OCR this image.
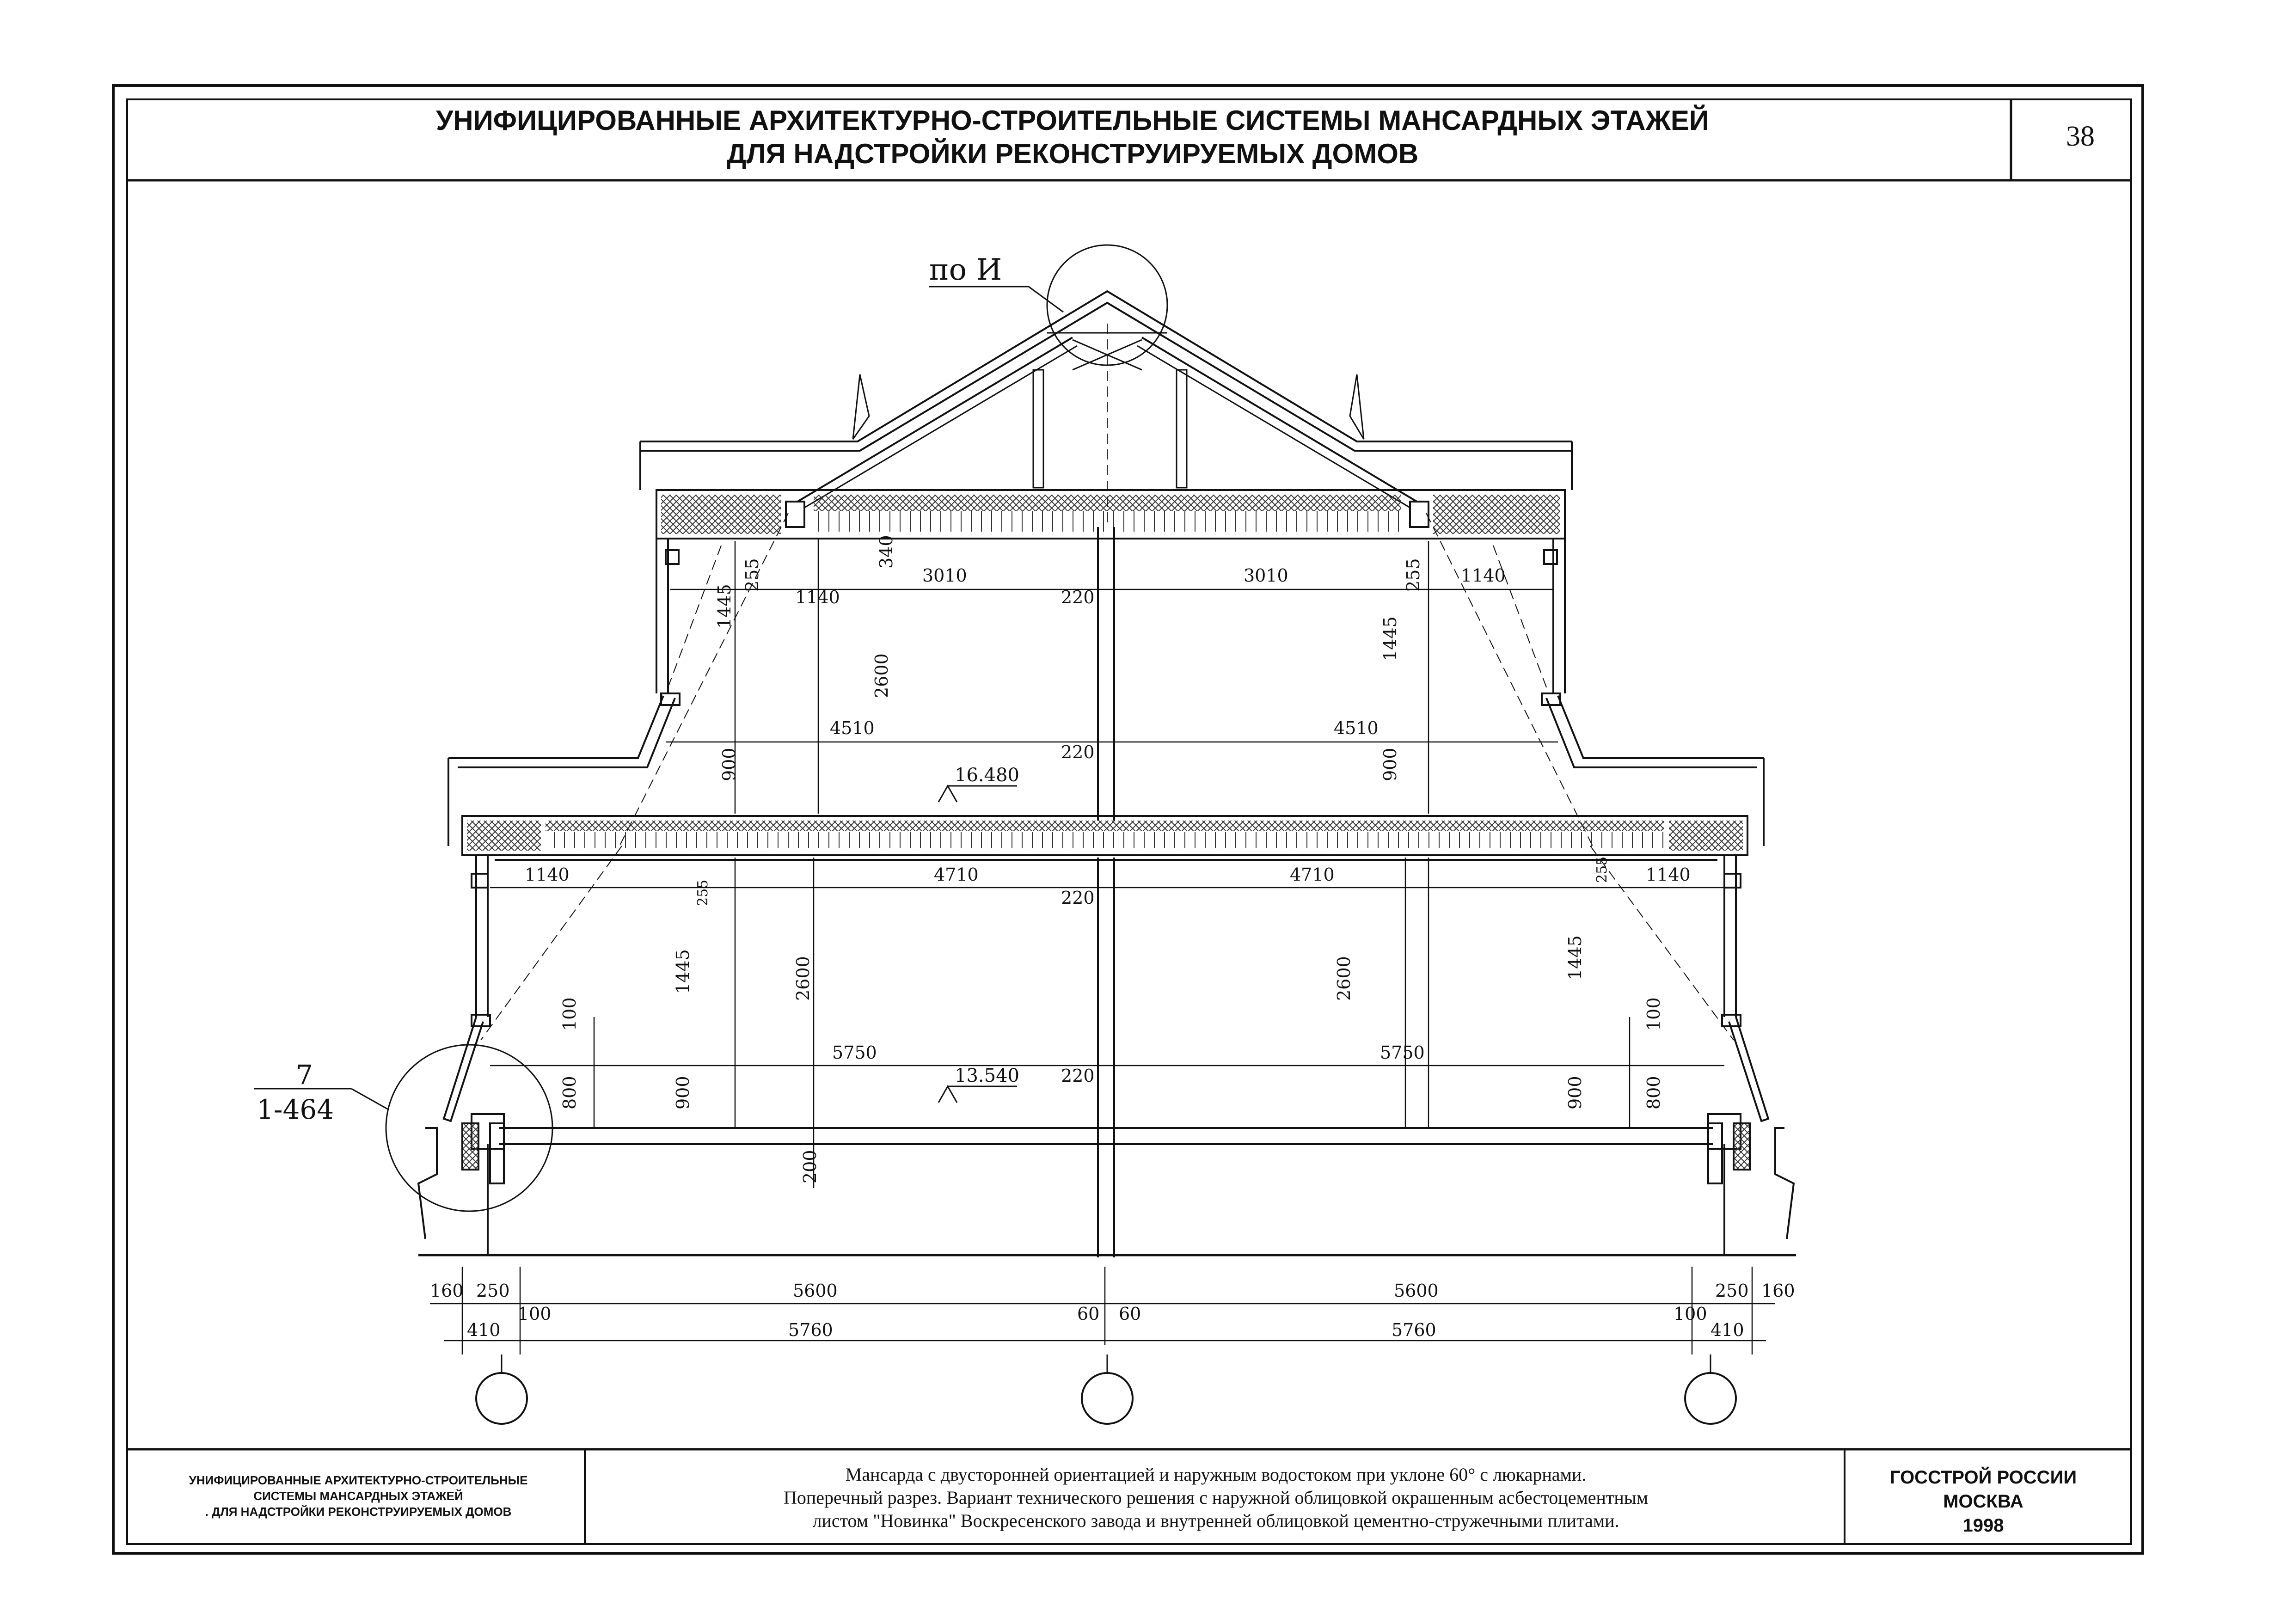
по И
7
1-464
3010	3010
1140
1140
220
4510	4510
220
16.480
340
255	255
1445
1445
2600
900	900
1140	4710	4710	1140
220
5750	5750
220
13.540
255
255
1445	1445
2600	2600
100	100
800	800
900	900
200
160 250
100
5600
60 60
5600
100
250 160
410	5760	5760	410
УНИФИЦИРОВАННЫЕ АРХИТЕКТУРНО-СТРОИТЕЛЬНЫЕ СИСТЕМЫ МАНСАРДНЫХ ЭТАЖЕЙ
ДЛЯ НАДСТРОЙКИ РЕКОНСТРУИРУЕМЫХ ДОМОВ
38
УНИФИЦИРОВАННЫЕ АРХИТЕКТУРНО-СТРОИТЕЛЬНЫЕ
СИСТЕМЫ МАНСАРДНЫХ ЭТАЖЕЙ
. ДЛЯ НАДСТРОЙКИ РЕКОНСТРУИРУЕМЫХ ДОМОВ
Мансарда с двусторонней ориентацией и наружным водостоком при уклоне 60° с люкарнами.
Поперечный разрез. Вариант технического решения с наружной облицовкой окрашенным асбестоцементным
листом "Новинка" Воскресенского завода и внутренней облицовкой цементно-стружечными плитами.
ГОССТРОЙ РОССИИ
МОСКВА
1998
